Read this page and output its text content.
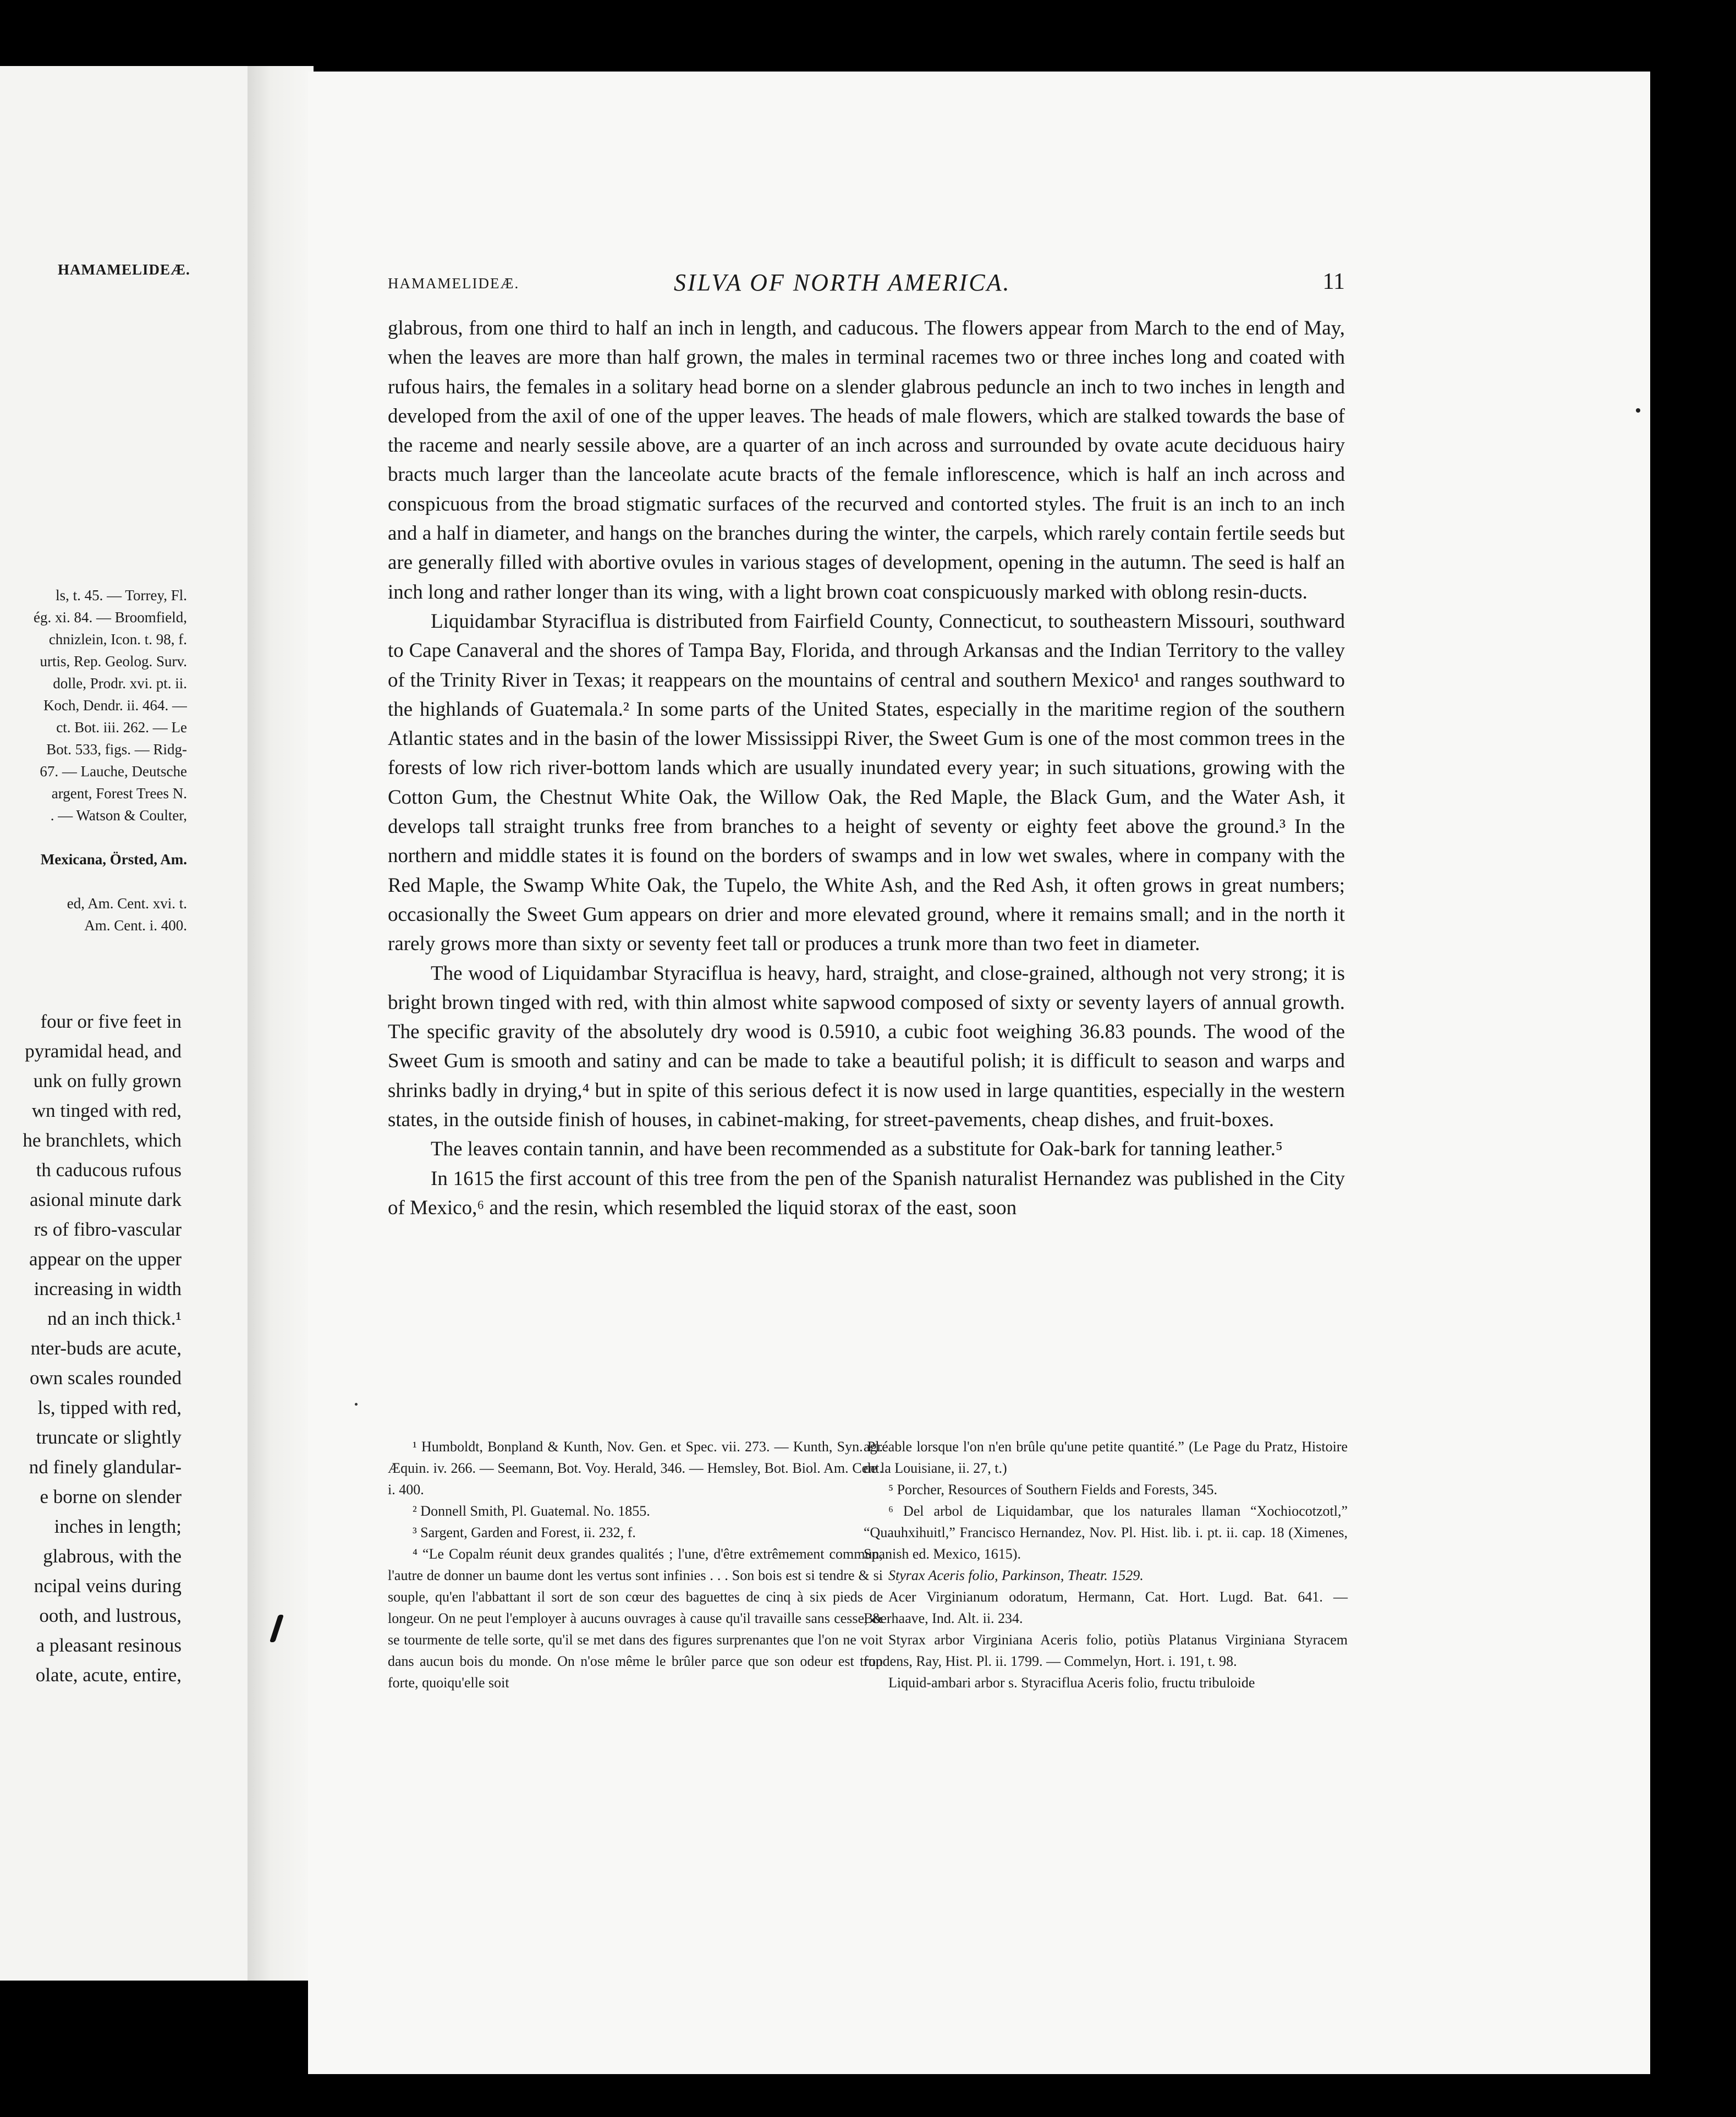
HAMAMELIDEÆ.
ls, t. 45. — Torrey, Fl.
ég. xi. 84. — Broomfield,
chnizlein, Icon. t. 98, f.
urtis, Rep. Geolog. Surv.
dolle, Prodr. xvi. pt. ii.
Koch, Dendr. ii. 464. —
ct. Bot. iii. 262. — Le
Bot. 533, figs. — Ridg-
67. — Lauche, Deutsche
argent, Forest Trees N.
. — Watson & Coulter,
Mexicana, Örsted, Am.
ed, Am. Cent. xvi. t.
Am. Cent. i. 400.
four or five feet in
pyramidal head, and
unk on fully grown
wn tinged with red,
he branchlets, which
th caducous rufous
asional minute dark
rs of fibro-vascular
appear on the upper
increasing in width
nd an inch thick.¹
nter-buds are acute,
own scales rounded
ls, tipped with red,
truncate or slightly
nd finely glandular-
e borne on slender
inches in length;
glabrous, with the
ncipal veins during
ooth, and lustrous,
a pleasant resinous
olate, acute, entire,
HAMAMELIDEÆ.	SILVA OF NORTH AMERICA.	11

glabrous, from one third to half an inch in length, and caducous. The flowers appear from March to the end of May, when the leaves are more than half grown, the males in terminal racemes two or three inches long and coated with rufous hairs, the females in a solitary head borne on a slender glabrous peduncle an inch to two inches in length and developed from the axil of one of the upper leaves. The heads of male flowers, which are stalked towards the base of the raceme and nearly sessile above, are a quarter of an inch across and surrounded by ovate acute deciduous hairy bracts much larger than the lanceolate acute bracts of the female inflorescence, which is half an inch across and conspicuous from the broad stigmatic surfaces of the recurved and contorted styles. The fruit is an inch to an inch and a half in diameter, and hangs on the branches during the winter, the carpels, which rarely contain fertile seeds but are generally filled with abortive ovules in various stages of development, opening in the autumn. The seed is half an inch long and rather longer than its wing, with a light brown coat conspicuously marked with oblong resin-ducts.

Liquidambar Styraciflua is distributed from Fairfield County, Connecticut, to southeastern Missouri, southward to Cape Canaveral and the shores of Tampa Bay, Florida, and through Arkansas and the Indian Territory to the valley of the Trinity River in Texas; it reappears on the mountains of central and southern Mexico¹ and ranges southward to the highlands of Guatemala.² In some parts of the United States, especially in the maritime region of the southern Atlantic states and in the basin of the lower Mississippi River, the Sweet Gum is one of the most common trees in the forests of low rich river-bottom lands which are usually inundated every year; in such situations, growing with the Cotton Gum, the Chestnut White Oak, the Willow Oak, the Red Maple, the Black Gum, and the Water Ash, it develops tall straight trunks free from branches to a height of seventy or eighty feet above the ground.³ In the northern and middle states it is found on the borders of swamps and in low wet swales, where in company with the Red Maple, the Swamp White Oak, the Tupelo, the White Ash, and the Red Ash, it often grows in great numbers; occasionally the Sweet Gum appears on drier and more elevated ground, where it remains small; and in the north it rarely grows more than sixty or seventy feet tall or produces a trunk more than two feet in diameter.

The wood of Liquidambar Styraciflua is heavy, hard, straight, and close-grained, although not very strong; it is bright brown tinged with red, with thin almost white sapwood composed of sixty or seventy layers of annual growth. The specific gravity of the absolutely dry wood is 0.5910, a cubic foot weighing 36.83 pounds. The wood of the Sweet Gum is smooth and satiny and can be made to take a beautiful polish; it is difficult to season and warps and shrinks badly in drying,⁴ but in spite of this serious defect it is now used in large quantities, especially in the western states, in the outside finish of houses, in cabinet-making, for street-pavements, cheap dishes, and fruit-boxes.

The leaves contain tannin, and have been recommended as a substitute for Oak-bark for tanning leather.⁵

In 1615 the first account of this tree from the pen of the Spanish naturalist Hernandez was published in the City of Mexico,⁶ and the resin, which resembled the liquid storax of the east, soon

¹ Humboldt, Bonpland & Kunth, Nov. Gen. et Spec. vii. 273. — Kunth, Syn. Pl. Æquin. iv. 266. — Seemann, Bot. Voy. Herald, 346. — Hemsley, Bot. Biol. Am. Cent. i. 400.

² Donnell Smith, Pl. Guatemal. No. 1855.

³ Sargent, Garden and Forest, ii. 232, f.

⁴ “Le Copalm réunit deux grandes qualités ; l'une, d'être extrêmement commun, l'autre de donner un baume dont les vertus sont infinies . . . Son bois est si tendre & si souple, qu'en l'abbattant il sort de son cœur des baguettes de cinq à six pieds de longeur. On ne peut l'employer à aucuns ouvrages à cause qu'il travaille sans cesse, & se tourmente de telle sorte, qu'il se met dans des figures surprenantes que l'on ne voit dans aucun bois du monde. On n'ose même le brûler parce que son odeur est trop forte, quoiqu'elle soit

agréable lorsque l'on n'en brûle qu'une petite quantité.” (Le Page du Pratz, Histoire de la Louisiane, ii. 27, t.)

⁵ Porcher, Resources of Southern Fields and Forests, 345.

⁶ Del arbol de Liquidambar, que los naturales llaman “Xochiocotzotl,” “Quauhxihuitl,” Francisco Hernandez, Nov. Pl. Hist. lib. i. pt. ii. cap. 18 (Ximenes, Spanish ed. Mexico, 1615).

Styrax Aceris folio, Parkinson, Theatr. 1529.

Acer Virginianum odoratum, Hermann, Cat. Hort. Lugd. Bat. 641. — Boerhaave, Ind. Alt. ii. 234.

Styrax arbor Virginiana Aceris folio, potiùs Platanus Virginiana Styracem fundens, Ray, Hist. Pl. ii. 1799. — Commelyn, Hort. i. 191, t. 98.

Liquid-ambari arbor s. Styraciflua Aceris folio, fructu tribuloide
